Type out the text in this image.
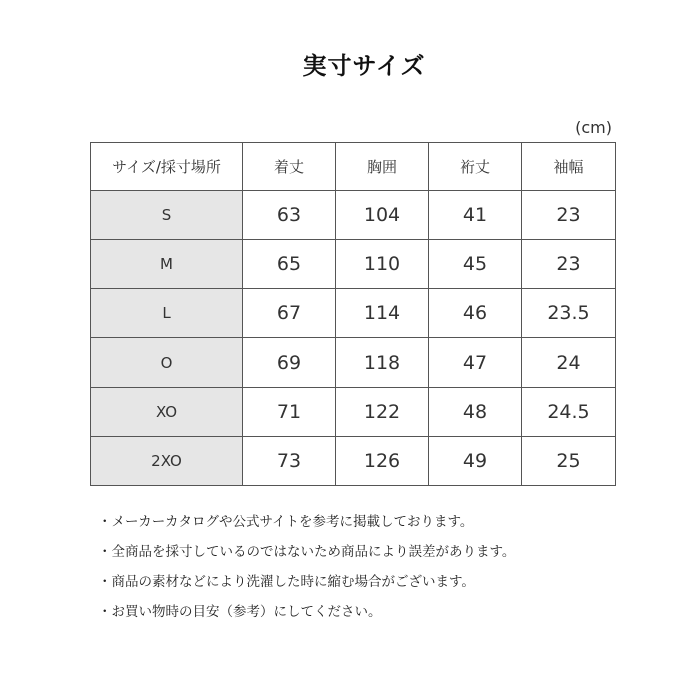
実寸サイズ
(cm)
サイズ/採寸場所	着丈	胸囲	裄丈	袖幅
S	63	104	41	23
M	65	110	45	23
L	67	114	46	23.5
O	69	118	47	24
XO	71	122	48	24.5
2XO	73	126	49	25
・メーカーカタログや公式サイトを参考に掲載しております。
・全商品を採寸しているのではないため商品により誤差があります。
・商品の素材などにより洗濯した時に縮む場合がございます。
・お買い物時の目安（参考）にしてください。
